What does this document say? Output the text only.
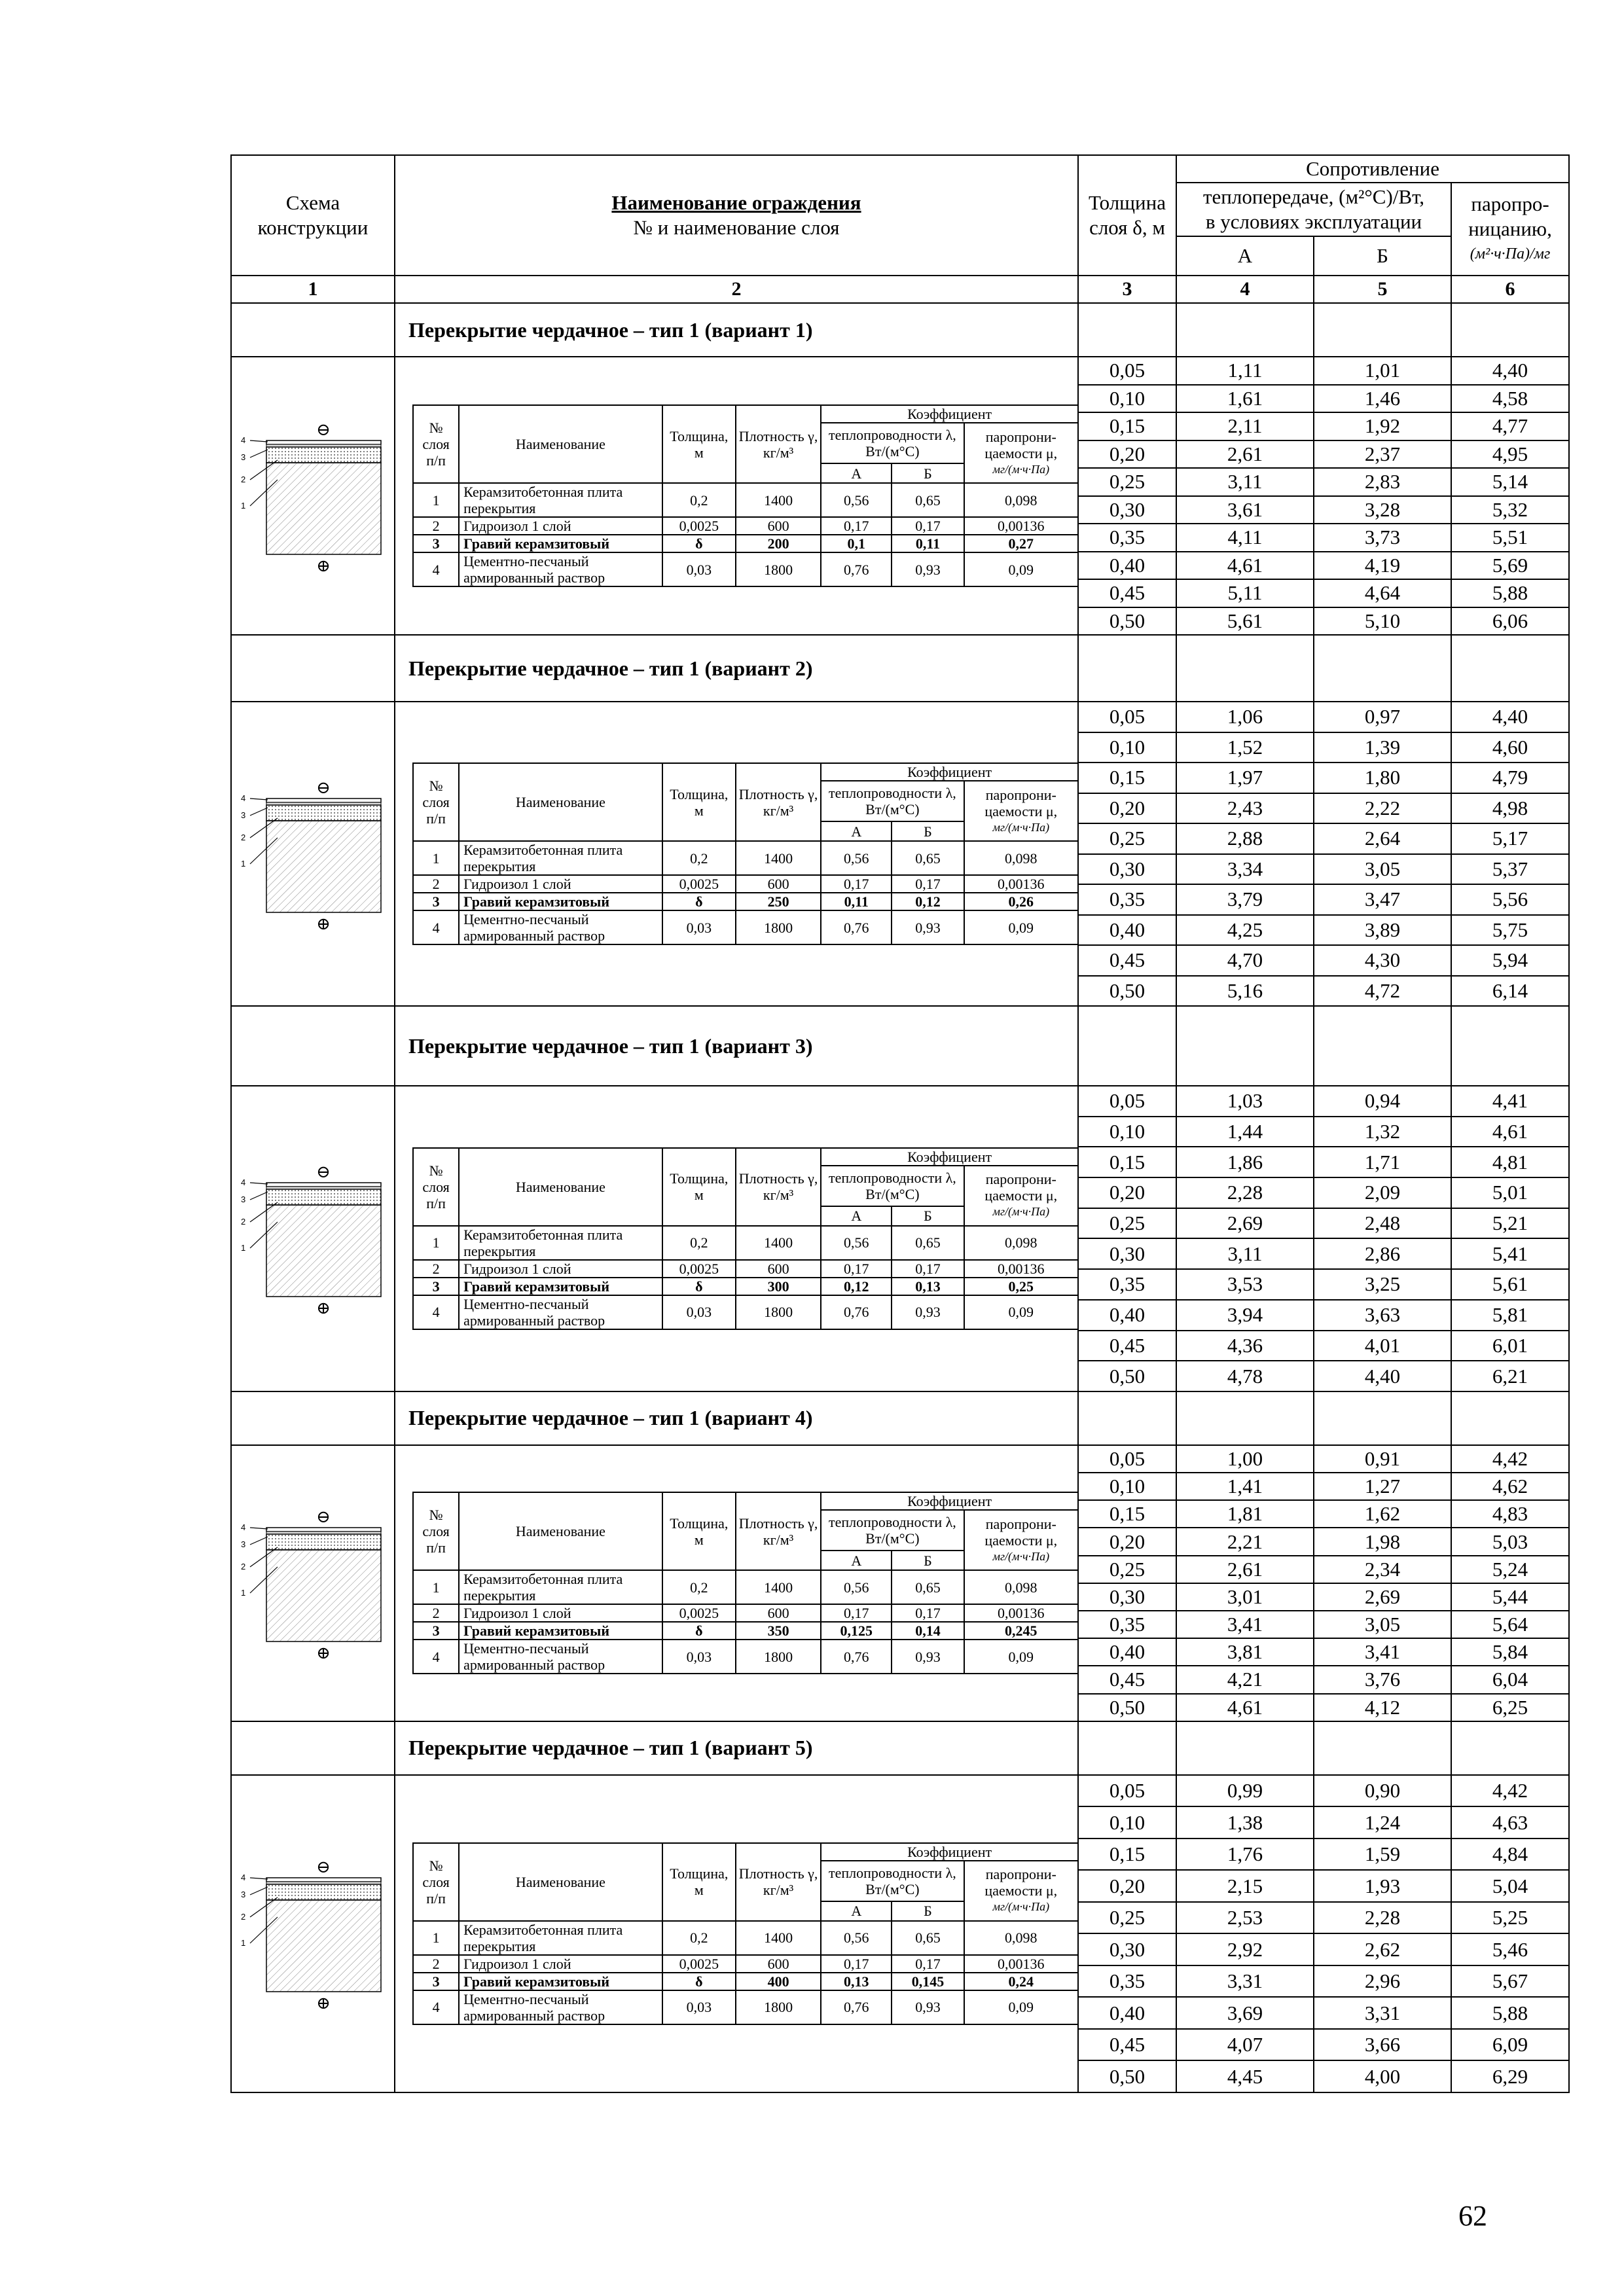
Схема конструкции	
Наименование ограждения
№ и наименование слоя
	Толщина слоя δ, м	Сопротивление

теплопередаче, (м²°С)/Вт,
в условиях эксплуатации

паропро-ницанию,
(м²·ч·Па)/мг

А	Б
1	2	3	4	5	6
	Перекрытие чердачное – тип 1 (вариант 1)				

⊖
4
3
2
1
⊕

№ слоя п/п	Наименование	Толщина, м	Плотность γ, кг/м³	Коэффициент
теплопроводности λ, Вт/(м°С)	
паропрони-цаемости μ,
мг/(м·ч·Па)

А	Б
1	Керамзитобетонная плита перекрытия	0,2	1400	0,56	0,65	0,098
2	Гидроизол 1 слой	0,0025	600	0,17	0,17	0,00136
3	Гравий керамзитовый	δ	200	0,1	0,11	0,27
4	Цементно-песчаный армированный раствор	0,03	1800	0,76	0,93	0,09
	0,05	1,11	1,01	4,40
0,10	1,61	1,46	4,58
0,15	2,11	1,92	4,77
0,20	2,61	2,37	4,95
0,25	3,11	2,83	5,14
0,30	3,61	3,28	5,32
0,35	4,11	3,73	5,51
0,40	4,61	4,19	5,69
0,45	5,11	4,64	5,88
0,50	5,61	5,10	6,06
	Перекрытие чердачное – тип 1 (вариант 2)				

⊖
4
3
2
1
⊕

№ слоя п/п	Наименование	Толщина, м	Плотность γ, кг/м³	Коэффициент
теплопроводности λ, Вт/(м°С)	
паропрони-цаемости μ,
мг/(м·ч·Па)

А	Б
1	Керамзитобетонная плита перекрытия	0,2	1400	0,56	0,65	0,098
2	Гидроизол 1 слой	0,0025	600	0,17	0,17	0,00136
3	Гравий керамзитовый	δ	250	0,11	0,12	0,26
4	Цементно-песчаный армированный раствор	0,03	1800	0,76	0,93	0,09
	0,05	1,06	0,97	4,40
0,10	1,52	1,39	4,60
0,15	1,97	1,80	4,79
0,20	2,43	2,22	4,98
0,25	2,88	2,64	5,17
0,30	3,34	3,05	5,37
0,35	3,79	3,47	5,56
0,40	4,25	3,89	5,75
0,45	4,70	4,30	5,94
0,50	5,16	4,72	6,14
	Перекрытие чердачное – тип 1 (вариант 3)				

⊖
4
3
2
1
⊕

№ слоя п/п	Наименование	Толщина, м	Плотность γ, кг/м³	Коэффициент
теплопроводности λ, Вт/(м°С)	
паропрони-цаемости μ,
мг/(м·ч·Па)

А	Б
1	Керамзитобетонная плита перекрытия	0,2	1400	0,56	0,65	0,098
2	Гидроизол 1 слой	0,0025	600	0,17	0,17	0,00136
3	Гравий керамзитовый	δ	300	0,12	0,13	0,25
4	Цементно-песчаный армированный раствор	0,03	1800	0,76	0,93	0,09
	0,05	1,03	0,94	4,41
0,10	1,44	1,32	4,61
0,15	1,86	1,71	4,81
0,20	2,28	2,09	5,01
0,25	2,69	2,48	5,21
0,30	3,11	2,86	5,41
0,35	3,53	3,25	5,61
0,40	3,94	3,63	5,81
0,45	4,36	4,01	6,01
0,50	4,78	4,40	6,21
	Перекрытие чердачное – тип 1 (вариант 4)				

⊖
4
3
2
1
⊕

№ слоя п/п	Наименование	Толщина, м	Плотность γ, кг/м³	Коэффициент
теплопроводности λ, Вт/(м°С)	
паропрони-цаемости μ,
мг/(м·ч·Па)

А	Б
1	Керамзитобетонная плита перекрытия	0,2	1400	0,56	0,65	0,098
2	Гидроизол 1 слой	0,0025	600	0,17	0,17	0,00136
3	Гравий керамзитовый	δ	350	0,125	0,14	0,245
4	Цементно-песчаный армированный раствор	0,03	1800	0,76	0,93	0,09
	0,05	1,00	0,91	4,42
0,10	1,41	1,27	4,62
0,15	1,81	1,62	4,83
0,20	2,21	1,98	5,03
0,25	2,61	2,34	5,24
0,30	3,01	2,69	5,44
0,35	3,41	3,05	5,64
0,40	3,81	3,41	5,84
0,45	4,21	3,76	6,04
0,50	4,61	4,12	6,25
	Перекрытие чердачное – тип 1 (вариант 5)				

⊖
4
3
2
1
⊕

№ слоя п/п	Наименование	Толщина, м	Плотность γ, кг/м³	Коэффициент
теплопроводности λ, Вт/(м°С)	
паропрони-цаемости μ,
мг/(м·ч·Па)

А	Б
1	Керамзитобетонная плита перекрытия	0,2	1400	0,56	0,65	0,098
2	Гидроизол 1 слой	0,0025	600	0,17	0,17	0,00136
3	Гравий керамзитовый	δ	400	0,13	0,145	0,24
4	Цементно-песчаный армированный раствор	0,03	1800	0,76	0,93	0,09
	0,05	0,99	0,90	4,42
0,10	1,38	1,24	4,63
0,15	1,76	1,59	4,84
0,20	2,15	1,93	5,04
0,25	2,53	2,28	5,25
0,30	2,92	2,62	5,46
0,35	3,31	2,96	5,67
0,40	3,69	3,31	5,88
0,45	4,07	3,66	6,09
0,50	4,45	4,00	6,29
62
